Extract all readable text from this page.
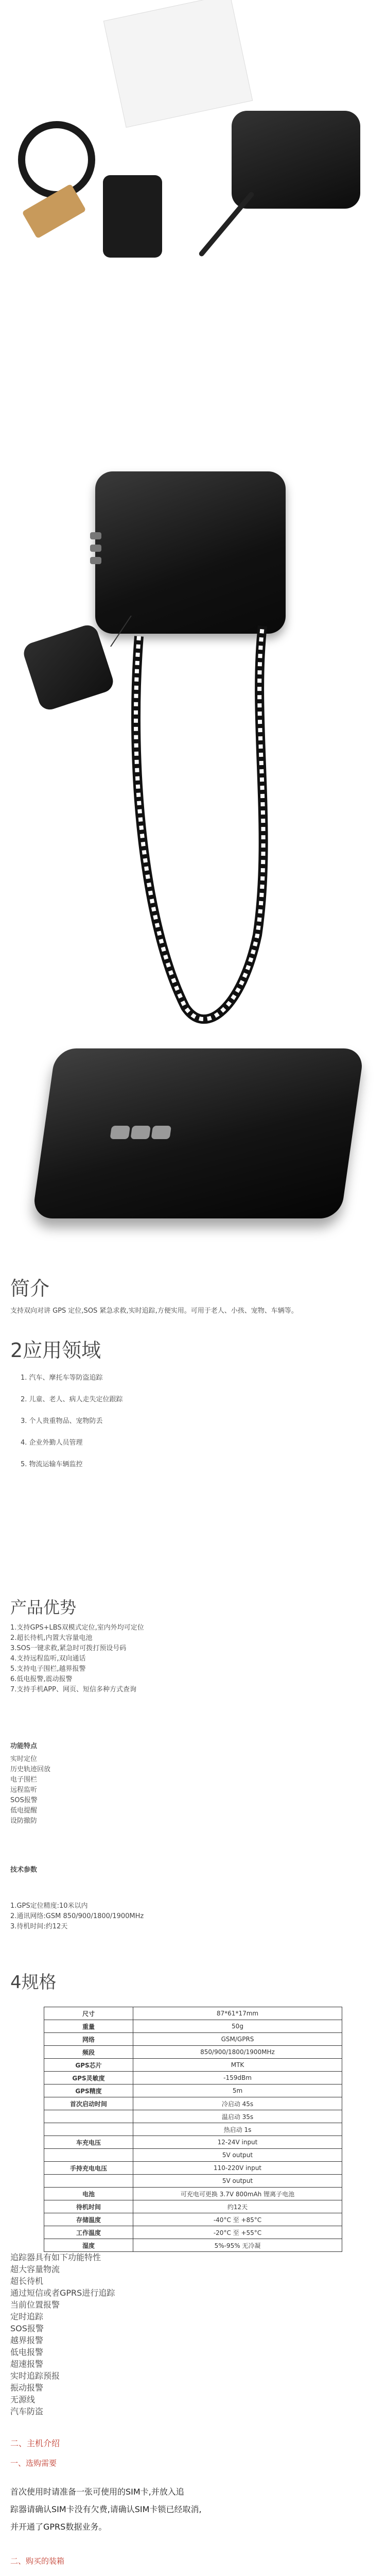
简介
支持双向对讲 GPS 定位,SOS 紧急求救,实时追踪,方便实用。可用于老人、小孩、宠物、车辆等。
2应用领域
1. 汽车、摩托车等防盗追踪
2. 儿童、老人、病人走失定位跟踪
3. 个人贵重物品、宠物防丢
4. 企业外勤人员管理
5. 物流运输车辆监控
产品优势
1.支持GPS+LBS双模式定位,室内外均可定位
2.超长待机,内置大容量电池
3.SOS一键求救,紧急时可拨打预设号码
4.支持远程监听,双向通话
5.支持电子围栏,越界报警
6.低电报警,震动报警
7.支持手机APP、网页、短信多种方式查询
功能特点
实时定位
历史轨迹回放
电子围栏
远程监听
SOS报警
低电提醒
设防撤防
技术参数
1.GPS定位精度:10米以内
2.通讯网络:GSM 850/900/1800/1900MHz
3.待机时间:约12天
4规格
尺寸	87*61*17mm
重量	50g
网络	GSM/GPRS
频段	850/900/1800/1900MHz
GPS芯片	MTK
GPS灵敏度	-159dBm
GPS精度	5m
首次启动时间	冷启动 45s
	温启动 35s
	热启动 1s
车充电压	12-24V input
	5V output
手持充电电压	110-220V input
	5V output
电池	可充电可更换 3.7V 800mAh 锂离子电池
待机时间	约12天
存储温度	-40°C 至 +85°C
工作温度	-20°C 至 +55°C
湿度	5%-95% 无冷凝
追踪器具有如下功能特性
超大容量物流
超长待机
通过短信或者GPRS进行追踪
当前位置报警
定时追踪
SOS报警
越界报警
低电报警
超速报警
实时追踪预报
振动报警
无源线
汽车防盗
二、主机介绍
一、选购需要
首次使用时请准备一张可使用的SIM卡,并放入追
踪器请确认SIM卡没有欠费,请确认SIM卡锁已经取消,
并开通了GPRS数据业务。
二、购买的装箱
